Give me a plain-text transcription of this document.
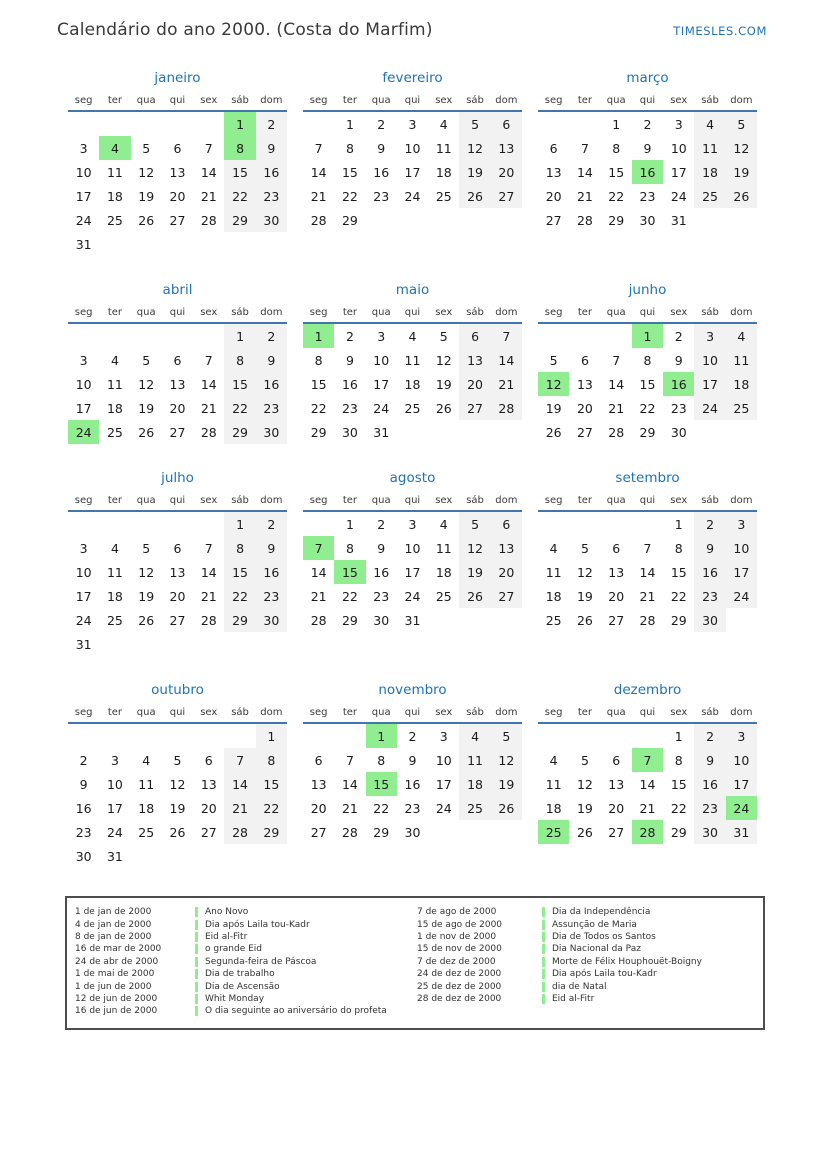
Calendário do ano 2000. (Costa do Marfim)	TIMESLES.COM
janeiro
seg	ter	qua	qui	sex	sáb	dom
					1	2
3	4	5	6	7	8	9
10	11	12	13	14	15	16
17	18	19	20	21	22	23
24	25	26	27	28	29	30
31						
fevereiro
seg	ter	qua	qui	sex	sáb	dom
	1	2	3	4	5	6
7	8	9	10	11	12	13
14	15	16	17	18	19	20
21	22	23	24	25	26	27
28	29					
março
seg	ter	qua	qui	sex	sáb	dom
		1	2	3	4	5
6	7	8	9	10	11	12
13	14	15	16	17	18	19
20	21	22	23	24	25	26
27	28	29	30	31		
abril
seg	ter	qua	qui	sex	sáb	dom
					1	2
3	4	5	6	7	8	9
10	11	12	13	14	15	16
17	18	19	20	21	22	23
24	25	26	27	28	29	30
maio
seg	ter	qua	qui	sex	sáb	dom
1	2	3	4	5	6	7
8	9	10	11	12	13	14
15	16	17	18	19	20	21
22	23	24	25	26	27	28
29	30	31				
junho
seg	ter	qua	qui	sex	sáb	dom
			1	2	3	4
5	6	7	8	9	10	11
12	13	14	15	16	17	18
19	20	21	22	23	24	25
26	27	28	29	30		
julho
seg	ter	qua	qui	sex	sáb	dom
					1	2
3	4	5	6	7	8	9
10	11	12	13	14	15	16
17	18	19	20	21	22	23
24	25	26	27	28	29	30
31						
agosto
seg	ter	qua	qui	sex	sáb	dom
	1	2	3	4	5	6
7	8	9	10	11	12	13
14	15	16	17	18	19	20
21	22	23	24	25	26	27
28	29	30	31			
setembro
seg	ter	qua	qui	sex	sáb	dom
				1	2	3
4	5	6	7	8	9	10
11	12	13	14	15	16	17
18	19	20	21	22	23	24
25	26	27	28	29	30	
outubro
seg	ter	qua	qui	sex	sáb	dom
						1
2	3	4	5	6	7	8
9	10	11	12	13	14	15
16	17	18	19	20	21	22
23	24	25	26	27	28	29
30	31					
novembro
seg	ter	qua	qui	sex	sáb	dom
		1	2	3	4	5
6	7	8	9	10	11	12
13	14	15	16	17	18	19
20	21	22	23	24	25	26
27	28	29	30			
dezembro
seg	ter	qua	qui	sex	sáb	dom
				1	2	3
4	5	6	7	8	9	10
11	12	13	14	15	16	17
18	19	20	21	22	23	24
25	26	27	28	29	30	31
1 de jan de 2000	Ano Novo
4 de jan de 2000	Dia após Laila tou-Kadr
8 de jan de 2000	Eid al-Fitr
16 de mar de 2000	o grande Eid
24 de abr de 2000	Segunda-feira de Páscoa
1 de mai de 2000	Dia de trabalho
1 de jun de 2000	Dia de Ascensão
12 de jun de 2000	Whit Monday
16 de jun de 2000	O dia seguinte ao aniversário do profeta
7 de ago de 2000	Dia da Independência
15 de ago de 2000	Assunção de Maria
1 de nov de 2000	Dia de Todos os Santos
15 de nov de 2000	Dia Nacional da Paz
7 de dez de 2000	Morte de Félix Houphouët-Boigny
24 de dez de 2000	Dia após Laila tou-Kadr
25 de dez de 2000	dia de Natal
28 de dez de 2000	Eid al-Fitr
